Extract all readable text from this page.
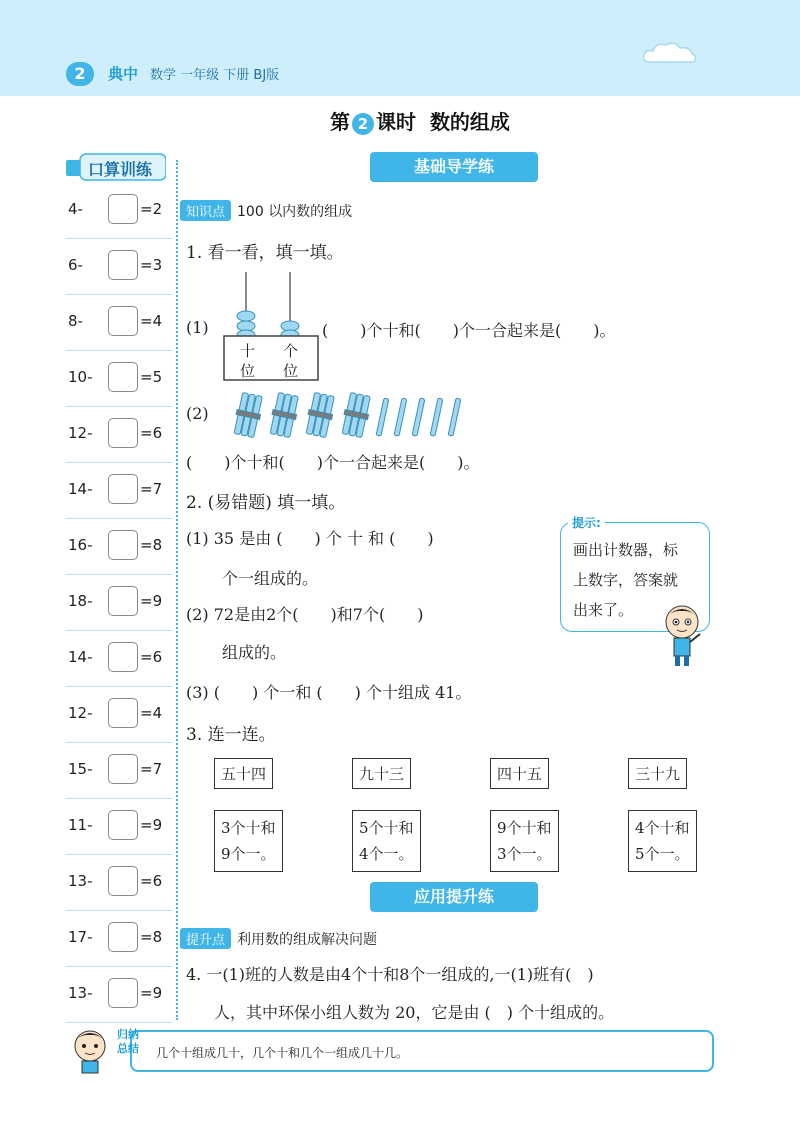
2	典中 数学 一年级 下册 BJ版
第 2 课时 数的组成
口算训练
4-	=2
6-	=3
8-	=4
10-	=5
12-	=6
14-	=7
16-	=8
18-	=9
14-	=6
12-	=4
15-	=7
11-	=9
13-	=6
17-	=8
13-	=9
基础导学练
知识点 100 以内数的组成
1. 看一看，填一填。
(1)
十
位
个
位
(　　)个十和(　　)个一合起来是(　　)。
(2)
(　　)个十和(　　)个一合起来是(　　)。
2. (易错题) 填一填。
(1) 35 是由 (　　) 个 十 和 (　　)
个一组成的。
(2) 72是由2个(　　)和7个(　　)
组成的。
(3) (　　) 个一和 (　　) 个十组成 41。
画出计数器，标
上数字，答案就
出来了。
提示:
3. 连一连。
五十四	九十三	四十五	三十九
3个十和
9个一。
5个十和
4个一。
9个十和
3个一。
4个十和
5个一。
应用提升练
提升点 利用数的组成解决问题
4. 一(1)班的人数是由4个十和8个一组成的,一(1)班有(　)
人，其中环保小组人数为 20，它是由 (　) 个十组成的。
归纳
总结	几个十组成几十，几个十和几个一组成几十几。
